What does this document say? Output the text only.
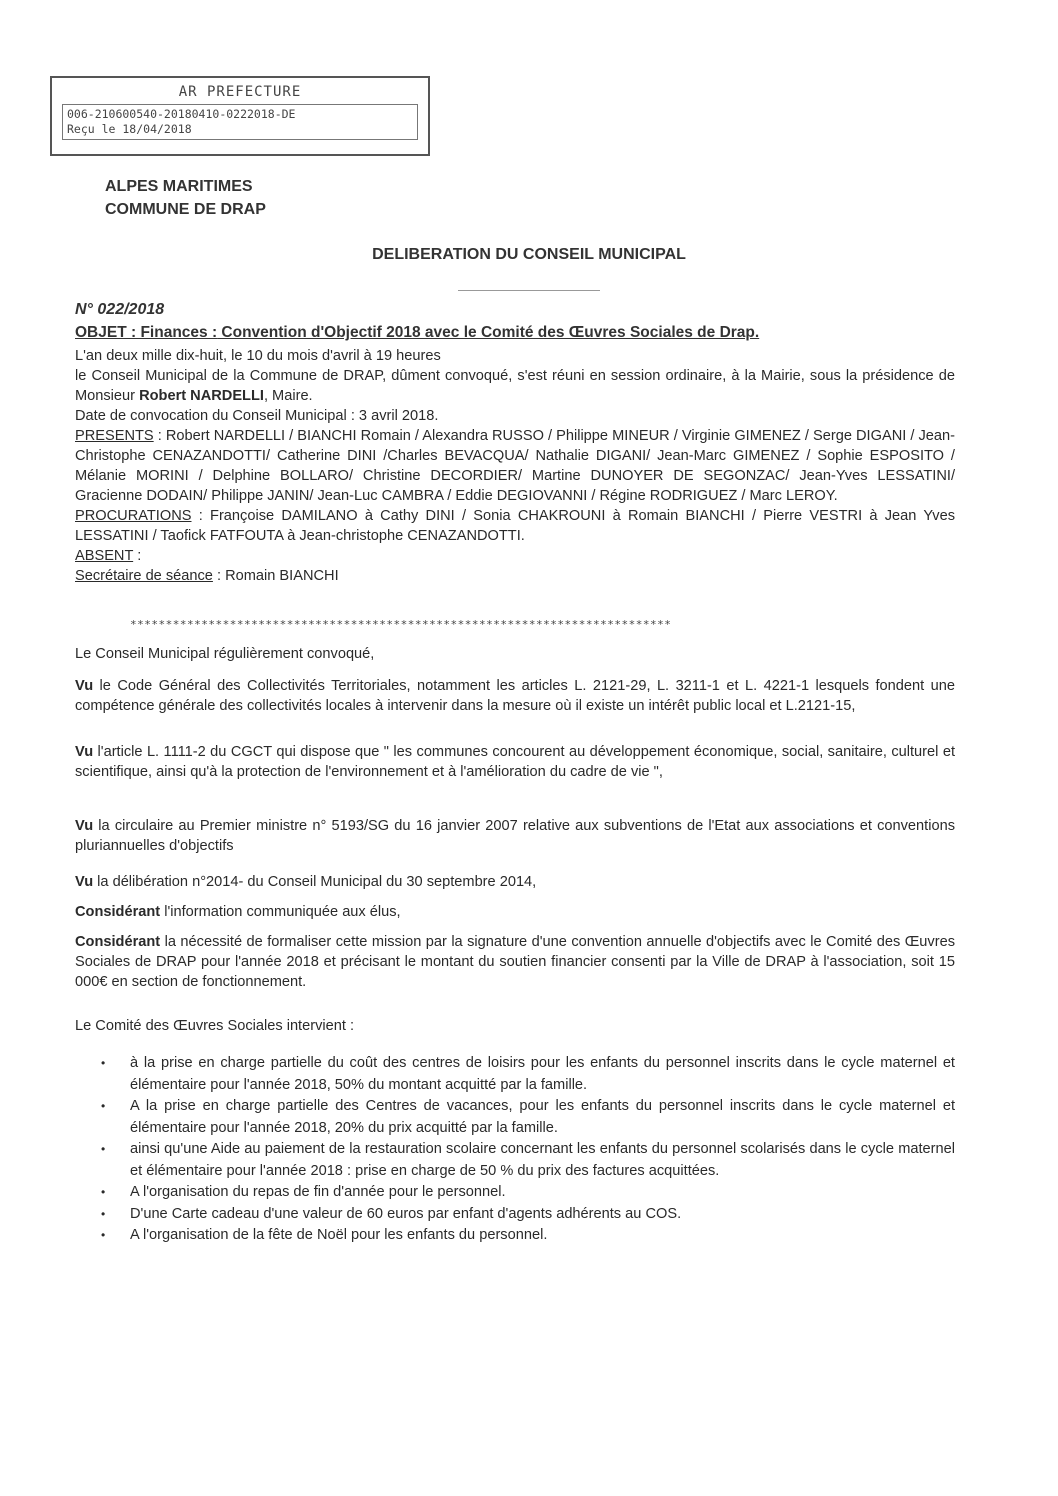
AR PREFECTURE
006-210600540-20180410-0222018-DE
Reçu le 18/04/2018
ALPES MARITIMES
COMMUNE DE DRAP
DELIBERATION DU CONSEIL MUNICIPAL
N° 022/2018
OBJET : Finances : Convention d'Objectif 2018 avec le Comité des Œuvres Sociales de Drap.

L'an deux mille dix-huit, le 10 du mois d'avril à 19 heures

le Conseil Municipal de la Commune de DRAP, dûment convoqué, s'est réuni en session ordinaire, à la Mairie, sous la présidence de Monsieur Robert NARDELLI, Maire.

Date de convocation du Conseil Municipal : 3 avril 2018.

PRESENTS : Robert NARDELLI / BIANCHI Romain / Alexandra RUSSO / Philippe MINEUR / Virginie GIMENEZ / Serge DIGANI / Jean-Christophe CENAZANDOTTI/ Catherine DINI /Charles BEVACQUA/ Nathalie DIGANI/ Jean-Marc GIMENEZ / Sophie ESPOSITO / Mélanie MORINI / Delphine BOLLARO/ Christine DECORDIER/ Martine DUNOYER DE SEGONZAC/ Jean-Yves LESSATINI/ Gracienne DODAIN/ Philippe JANIN/ Jean-Luc CAMBRA / Eddie DEGIOVANNI / Régine RODRIGUEZ / Marc LEROY.

PROCURATIONS : Françoise DAMILANO à Cathy DINI / Sonia CHAKROUNI à Romain BIANCHI / Pierre VESTRI à Jean Yves LESSATINI / Taofick FATFOUTA à Jean-christophe CENAZANDOTTI.

ABSENT :

Secrétaire de séance : Romain BIANCHI

****************************************************************************

Le Conseil Municipal régulièrement convoqué,

Vu le Code Général des Collectivités Territoriales, notamment les articles L. 2121-29, L. 3211-1 et L. 4221-1 lesquels fondent une compétence générale des collectivités locales à intervenir dans la mesure où il existe un intérêt public local et L.2121-15,

Vu l'article L. 1111-2 du CGCT qui dispose que " les communes concourent au développement économique, social, sanitaire, culturel et scientifique, ainsi qu'à la protection de l'environnement et à l'amélioration du cadre de vie ",

Vu la circulaire au Premier ministre n° 5193/SG du 16 janvier 2007 relative aux subventions de l'Etat aux associations et conventions pluriannuelles d'objectifs

Vu la délibération n°2014- du Conseil Municipal du 30 septembre 2014,

Considérant l'information communiquée aux élus,

Considérant la nécessité de formaliser cette mission par la signature d'une convention annuelle d'objectifs avec le Comité des Œuvres Sociales de DRAP pour l'année 2018 et précisant le montant du soutien financier consenti par la Ville de DRAP à l'association, soit 15 000€ en section de fonctionnement.

Le Comité des Œuvres Sociales intervient :

• à la prise en charge partielle du coût des centres de loisirs pour les enfants du personnel inscrits dans le cycle maternel et élémentaire pour l'année 2018, 50% du montant acquitté par la famille.
• A la prise en charge partielle des Centres de vacances, pour les enfants du personnel inscrits dans le cycle maternel et élémentaire pour l'année 2018, 20% du prix acquitté par la famille.
• ainsi qu'une Aide au paiement de la restauration scolaire concernant les enfants du personnel scolarisés dans le cycle maternel et élémentaire pour l'année 2018 : prise en charge de 50 % du prix des factures acquittées.
• A l'organisation du repas de fin d'année pour le personnel.
• D'une Carte cadeau d'une valeur de 60 euros par enfant d'agents adhérents au COS.
• A l'organisation de la fête de Noël pour les enfants du personnel.
